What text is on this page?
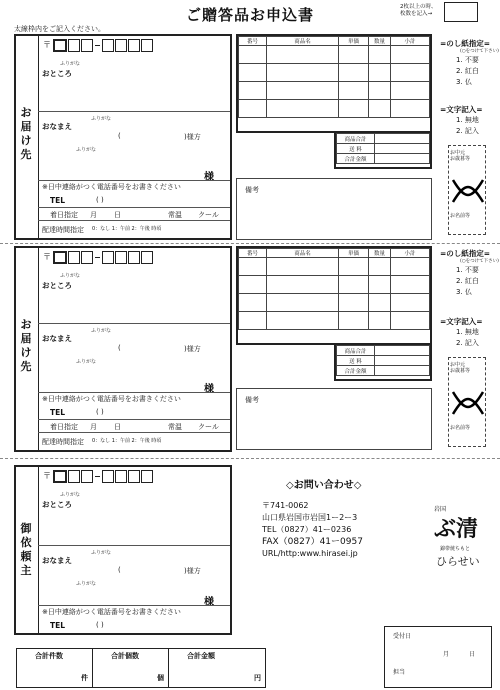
ご贈答品お申込書	2枚以上の時、
枚数を記入→
太線枠内をご記入ください。
お
届
け
先
〒
ふりがな
おところ
ふりがな
おなまえ
(	)様方
ふりがな
様
※日中連絡がつく電話番号をお書きください
TEL	( )
着日指定 月 日	常温 クール
配達時間指定 0：なし 1：午前 2：午後 時頃
番号	商品名	単価	数量	小計

商品合計	
送 料	
合計金額	
備考
=のし紙指定=
(○をつけて下さい)
1. 不要
2. 紅白
3. 仏
=文字記入=
1. 無地
2. 記入
お中元
お歳暮等
お名前等
お
届
け
先
〒
ふりがな
おところ
ふりがな
おなまえ
(	)様方
ふりがな
様
※日中連絡がつく電話番号をお書きください
TEL	( )
着日指定 月 日	常温 クール
配達時間指定 0：なし 1：午前 2：午後 時頃
番号	商品名	単価	数量	小計

商品合計	
送 料	
合計金額	
備考
=のし紙指定=
(○をつけて下さい)
1. 不要
2. 紅白
3. 仏
=文字記入=
1. 無地
2. 記入
お中元
お歳暮等
お名前等
御
依
頼
主
〒
ふりがな
おところ
ふりがな
おなまえ
(	)様方
ふりがな
様
※日中連絡がつく電話番号をお書きください
TEL	( )
◇お問い合わせ◇
〒741-0062
山口県岩国市岩国1ー2ー3
TEL（0827）41ー0236
FAX（0827）41ー0957
URL/http:www.hirasei.jp
岩国
ぶ清
錦帯焼ちもと
ひらせい
合計件数
件

合計個数
個

合計金額
円
受付日
月	日
担当
